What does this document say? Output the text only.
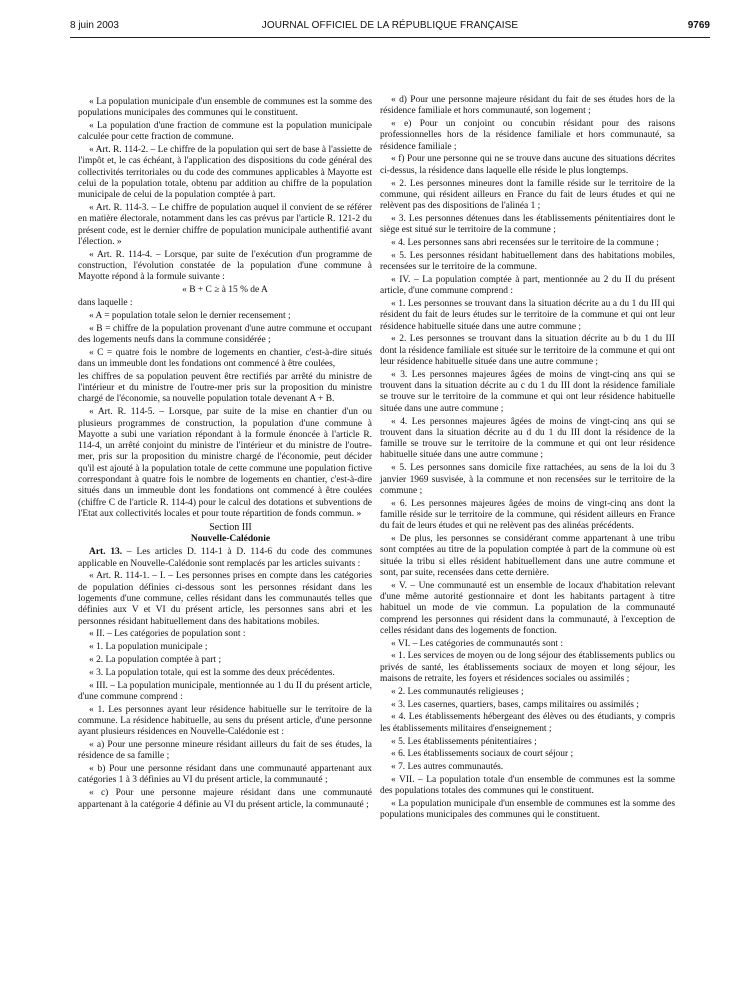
8 juin 2003	JOURNAL OFFICIEL DE LA RÉPUBLIQUE FRANÇAISE	9769

« La population municipale d'un ensemble de communes est la somme des populations municipales des communes qui le constituent.

« La population d'une fraction de commune est la population municipale calculée pour cette fraction de commune.

« Art. R. 114-2. – Le chiffre de la population qui sert de base à l'assiette de l'impôt et, le cas échéant, à l'application des dispositions du code général des collectivités territoriales ou du code des communes applicables à Mayotte est celui de la population totale, obtenu par addition au chiffre de la population municipale de celui de la population comptée à part.

« Art. R. 114-3. – Le chiffre de population auquel il convient de se référer en matière électorale, notamment dans les cas prévus par l'article R. 121-2 du présent code, est le dernier chiffre de population municipale authentifié avant l'élection. »

« Art. R. 114-4. – Lorsque, par suite de l'exécution d'un programme de construction, l'évolution constatée de la population d'une commune à Mayotte répond à la formule suivante :

« B + C ≥ à 15 % de A

dans laquelle :

« A = population totale selon le dernier recensement ;

« B = chiffre de la population provenant d'une autre commune et occupant des logements neufs dans la commune considérée ;

« C = quatre fois le nombre de logements en chantier, c'est-à-dire situés dans un immeuble dont les fondations ont commencé à être coulées,

les chiffres de sa population peuvent être rectifiés par arrêté du ministre de l'intérieur et du ministre de l'outre-mer pris sur la proposition du ministre chargé de l'économie, sa nouvelle population totale devenant A + B.

« Art. R. 114-5. – Lorsque, par suite de la mise en chantier d'un ou plusieurs programmes de construction, la population d'une commune à Mayotte a subi une variation répondant à la formule énoncée à l'article R. 114-4, un arrêté conjoint du ministre de l'intérieur et du ministre de l'outre-mer, pris sur la proposition du ministre chargé de l'économie, peut décider qu'il est ajouté à la population totale de cette commune une population fictive correspondant à quatre fois le nombre de logements en chantier, c'est-à-dire situés dans un immeuble dont les fondations ont commencé à être coulées (chiffre C de l'article R. 114-4) pour le calcul des dotations et subventions de l'Etat aux collectivités locales et pour toute répartition de fonds commun. »

Section III

Nouvelle-Calédonie

Art. 13. – Les articles D. 114-1 à D. 114-6 du code des communes applicable en Nouvelle-Calédonie sont remplacés par les articles suivants :

« Art. R. 114-1. – I. – Les personnes prises en compte dans les catégories de population définies ci-dessous sont les personnes résidant dans les logements d'une commune, celles résidant dans les communautés telles que définies aux V et VI du présent article, les personnes sans abri et les personnes résidant habituellement dans des habitations mobiles.

« II. – Les catégories de population sont :

« 1. La population municipale ;

« 2. La population comptée à part ;

« 3. La population totale, qui est la somme des deux précédentes.

« III. – La population municipale, mentionnée au 1 du II du présent article, d'une commune comprend :

« 1. Les personnes ayant leur résidence habituelle sur le territoire de la commune. La résidence habituelle, au sens du présent article, d'une personne ayant plusieurs résidences en Nouvelle-Calédonie est :

« a) Pour une personne mineure résidant ailleurs du fait de ses études, la résidence de sa famille ;

« b) Pour une personne résidant dans une communauté appartenant aux catégories 1 à 3 définies au VI du présent article, la communauté ;

« c) Pour une personne majeure résidant dans une communauté appartenant à la catégorie 4 définie au VI du présent article, la communauté ;

« d) Pour une personne majeure résidant du fait de ses études hors de la résidence familiale et hors communauté, son logement ;

« e) Pour un conjoint ou concubin résidant pour des raisons professionnelles hors de la résidence familiale et hors communauté, sa résidence familiale ;

« f) Pour une personne qui ne se trouve dans aucune des situations décrites ci-dessus, la résidence dans laquelle elle réside le plus longtemps.

« 2. Les personnes mineures dont la famille réside sur le territoire de la commune, qui résident ailleurs en France du fait de leurs études et qui ne relèvent pas des dispositions de l'alinéa 1 ;

« 3. Les personnes détenues dans les établissements pénitentiaires dont le siège est situé sur le territoire de la commune ;

« 4. Les personnes sans abri recensées sur le territoire de la commune ;

« 5. Les personnes résidant habituellement dans des habitations mobiles, recensées sur le territoire de la commune.

« IV. – La population comptée à part, mentionnée au 2 du II du présent article, d'une commune comprend :

« 1. Les personnes se trouvant dans la situation décrite au a du 1 du III qui résident du fait de leurs études sur le territoire de la commune et qui ont leur résidence habituelle située dans une autre commune ;

« 2. Les personnes se trouvant dans la situation décrite au b du 1 du III dont la résidence familiale est située sur le territoire de la commune et qui ont leur résidence habituelle située dans une autre commune ;

« 3. Les personnes majeures âgées de moins de vingt-cinq ans qui se trouvent dans la situation décrite au c du 1 du III dont la résidence familiale se trouve sur le territoire de la commune et qui ont leur résidence habituelle située dans une autre commune ;

« 4. Les personnes majeures âgées de moins de vingt-cinq ans qui se trouvent dans la situation décrite au d du 1 du III dont la résidence de la famille se trouve sur le territoire de la commune et qui ont leur résidence habituelle située dans une autre commune ;

« 5. Les personnes sans domicile fixe rattachées, au sens de la loi du 3 janvier 1969 susvisée, à la commune et non recensées sur le territoire de la commune ;

« 6. Les personnes majeures âgées de moins de vingt-cinq ans dont la famille réside sur le territoire de la commune, qui résident ailleurs en France du fait de leurs études et qui ne relèvent pas des alinéas précédents.

« De plus, les personnes se considérant comme appartenant à une tribu sont comptées au titre de la population comptée à part de la commune où est située la tribu si elles résident habituellement dans une autre commune et sont, par suite, recensées dans cette dernière.

« V. – Une communauté est un ensemble de locaux d'habitation relevant d'une même autorité gestionnaire et dont les habitants partagent à titre habituel un mode de vie commun. La population de la communauté comprend les personnes qui résident dans la communauté, à l'exception de celles résidant dans des logements de fonction.

« VI. – Les catégories de communautés sont :

« 1. Les services de moyen ou de long séjour des établissements publics ou privés de santé, les établissements sociaux de moyen et long séjour, les maisons de retraite, les foyers et résidences sociales ou assimilés ;

« 2. Les communautés religieuses ;

« 3. Les casernes, quartiers, bases, camps militaires ou assimilés ;

« 4. Les établissements hébergeant des élèves ou des étudiants, y compris les établissements militaires d'enseignement ;

« 5. Les établissements pénitentiaires ;

« 6. Les établissements sociaux de court séjour ;

« 7. Les autres communautés.

« VII. – La population totale d'un ensemble de communes est la somme des populations totales des communes qui le constituent.

« La population municipale d'un ensemble de communes est la somme des populations municipales des communes qui le constituent.
